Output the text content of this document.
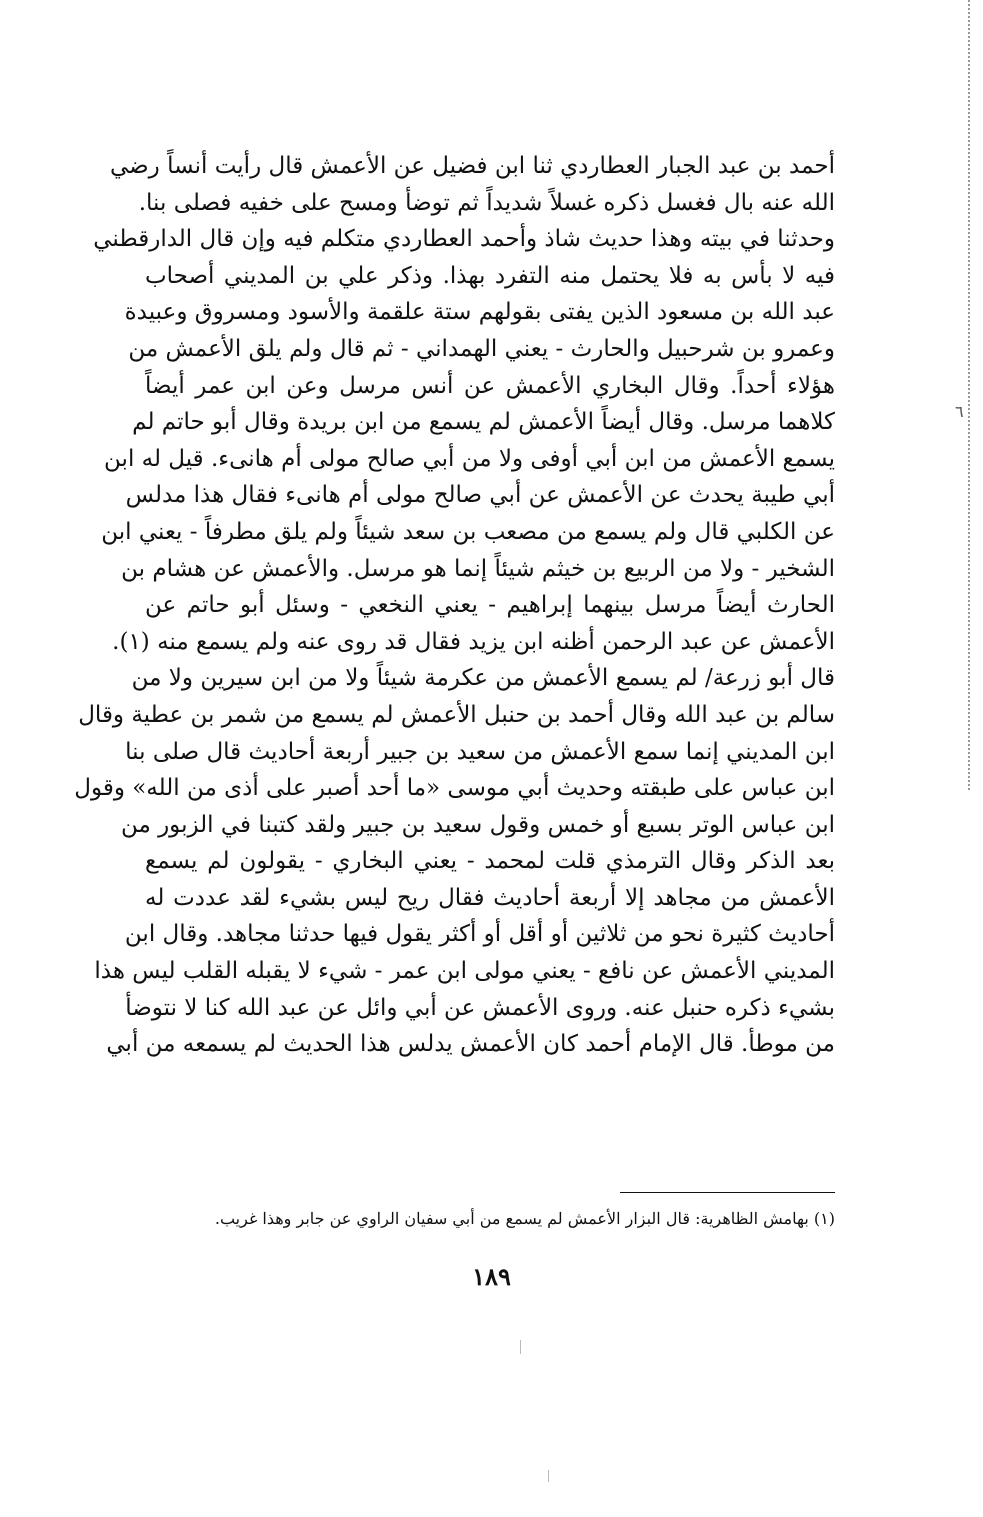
٦
أحمد بن عبد الجبار العطاردي ثنا ابن فضيل عن الأعمش قال رأيت أنساً رضي
الله عنه بال فغسل ذكره غسلاً شديداً ثم توضأ ومسح على خفيه فصلى بنا.
وحدثنا في بيته وهذا حديث شاذ وأحمد العطاردي متكلم فيه وإن قال الدارقطني
فيه لا بأس به فلا يحتمل منه التفرد بهذا. وذكر علي بن المديني أصحاب
عبد الله بن مسعود الذين يفتى بقولهم ستة علقمة والأسود ومسروق وعبيدة
وعمرو بن شرحبيل والحارث - يعني الهمداني - ثم قال ولم يلق الأعمش من
هؤلاء أحداً. وقال البخاري الأعمش عن أنس مرسل وعن ابن عمر أيضاً
كلاهما مرسل. وقال أيضاً الأعمش لم يسمع من ابن بريدة وقال أبو حاتم لم
يسمع الأعمش من ابن أبي أوفى ولا من أبي صالح مولى أم هانىء. قيل له ابن
أبي طيبة يحدث عن الأعمش عن أبي صالح مولى أم هانىء فقال هذا مدلس
عن الكلبي قال ولم يسمع من مصعب بن سعد شيئاً ولم يلق مطرفاً - يعني ابن
الشخير - ولا من الربيع بن خيثم شيئاً إنما هو مرسل. والأعمش عن هشام بن
الحارث أيضاً مرسل بينهما إبراهيم - يعني النخعي - وسئل أبو حاتم عن
الأعمش عن عبد الرحمن أظنه ابن يزيد فقال قد روى عنه ولم يسمع منه (١).
قال أبو زرعة/ لم يسمع الأعمش من عكرمة شيئاً ولا من ابن سيرين ولا من
سالم بن عبد الله وقال أحمد بن حنبل الأعمش لم يسمع من شمر بن عطية وقال
ابن المديني إنما سمع الأعمش من سعيد بن جبير أربعة أحاديث قال صلى بنا
ابن عباس على طبقته وحديث أبي موسى «ما أحد أصبر على أذى من الله» وقول
ابن عباس الوتر بسبع أو خمس وقول سعيد بن جبير ولقد كتبنا في الزبور من
بعد الذكر وقال الترمذي قلت لمحمد - يعني البخاري - يقولون لم يسمع
الأعمش من مجاهد إلا أربعة أحاديث فقال ريح ليس بشيء لقد عددت له
أحاديث كثيرة نحو من ثلاثين أو أقل أو أكثر يقول فيها حدثنا مجاهد. وقال ابن
المديني الأعمش عن نافع - يعني مولى ابن عمر - شيء لا يقبله القلب ليس هذا
بشيء ذكره حنبل عنه. وروى الأعمش عن أبي وائل عن عبد الله كنا لا نتوضأ
من موطأ. قال الإمام أحمد كان الأعمش يدلس هذا الحديث لم يسمعه من أبي

(١) بهامش الظاهرية: قال البزار الأعمش لم يسمع من أبي سفيان الراوي عن جابر وهذا غريب.

١٨٩
